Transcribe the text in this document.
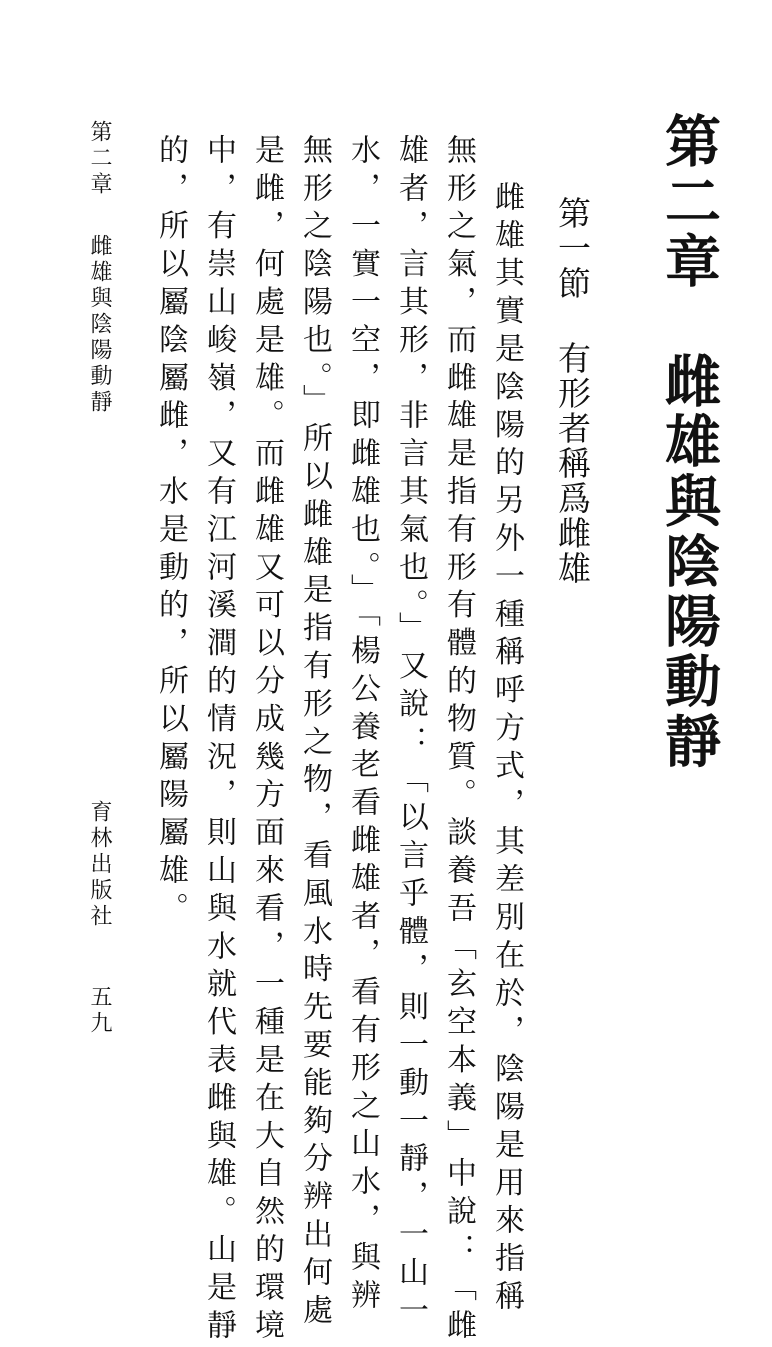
第二章　雌雄與陰陽動靜
第一節有形者稱爲雌雄
雌雄其實是陰陽的另外一種稱呼方式，其差別在於，陰陽是用來指稱
無形之氣，而雌雄是指有形有體的物質。談養吾「玄空本義」中說：「雌
雄者，言其形，非言其氣也。」又說：「以言乎體，則一動一靜，一山一
水，一實一空，即雌雄也。」「楊公養老看雌雄者，看有形之山水，與辨
無形之陰陽也。」所以雌雄是指有形之物，看風水時先要能夠分辨出何處
是雌，何處是雄。而雌雄又可以分成幾方面來看，一種是在大自然的環境
中，有崇山峻嶺，又有江河溪澗的情況，則山與水就代表雌與雄。山是靜
的，所以屬陰屬雌，水是動的，所以屬陽屬雄。
第二章雌雄與陰陽動靜
育林出版社
五九
